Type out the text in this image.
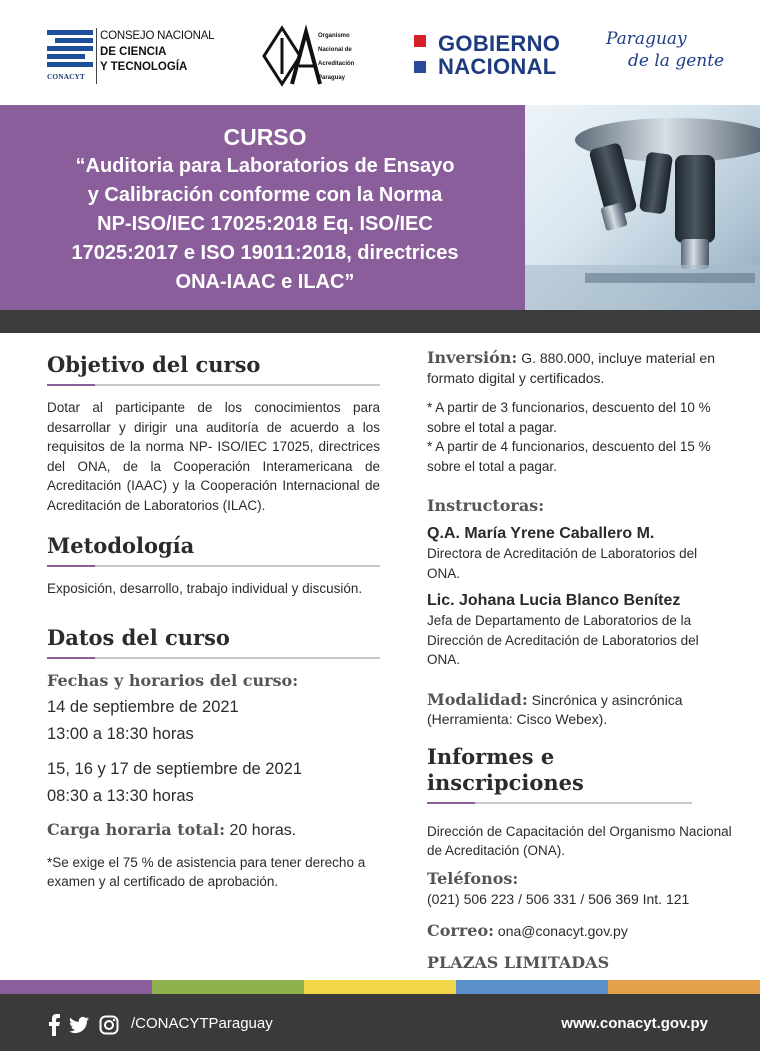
CONACYT
CONSEJO NACIONAL
DE CIENCIA
Y TECNOLOGÍA
Organismo
Nacional de
Acreditación
Paraguay
GOBIERNO
NACIONAL
Paraguay
de la gente
CURSO
“Auditoria para Laboratorios de Ensayo
y Calibración conforme con la Norma
NP-ISO/IEC 17025:2018 Eq. ISO/IEC
17025:2017 e ISO 19011:2018, directrices
ONA-IAAC e ILAC”
Objetivo del curso

Dotar al participante de los conocimientos para desarrollar y dirigir una auditoría de acuerdo a los requisitos de la norma NP- ISO/IEC 17025, directrices del ONA, de la Cooperación Interamericana de Acreditación (IAAC) y la Cooperación Internacional de Acreditación de Laboratorios (ILAC).

Metodología

Exposición, desarrollo, trabajo individual y discusión.

Datos del curso
Fechas y horarios del curso:
14 de septiembre de 2021
13:00 a 18:30 horas
15, 16 y 17 de septiembre de 2021
08:30 a 13:30 horas
Carga horaria total: 20 horas.

*Se exige el 75 % de asistencia para tener derecho a examen y al certificado de aprobación.

Inversión: G. 880.000, incluye material en formato digital y certificados.

* A partir de 3 funcionarios, descuento del 10 % sobre el total a pagar.

* A partir de 4 funcionarios, descuento del 15 % sobre el total a pagar.

Instructoras:
Q.A. María Yrene Caballero M.

Directora de Acreditación de Laboratorios del ONA.

Lic. Johana Lucia Blanco Benítez

Jefa de Departamento de Laboratorios de la Dirección de Acreditación de Laboratorios del ONA.

Modalidad: Sincrónica y asincrónica (Herramienta: Cisco Webex).
Informes e inscripciones

Dirección de Capacitación del Organismo Nacional de Acreditación (ONA).

Teléfonos:
(021) 506 223 / 506 331 / 506 369 Int. 121
Correo: ona@conacyt.gov.py
PLAZAS LIMITADAS
/CONACYTParaguay	www.conacyt.gov.py
